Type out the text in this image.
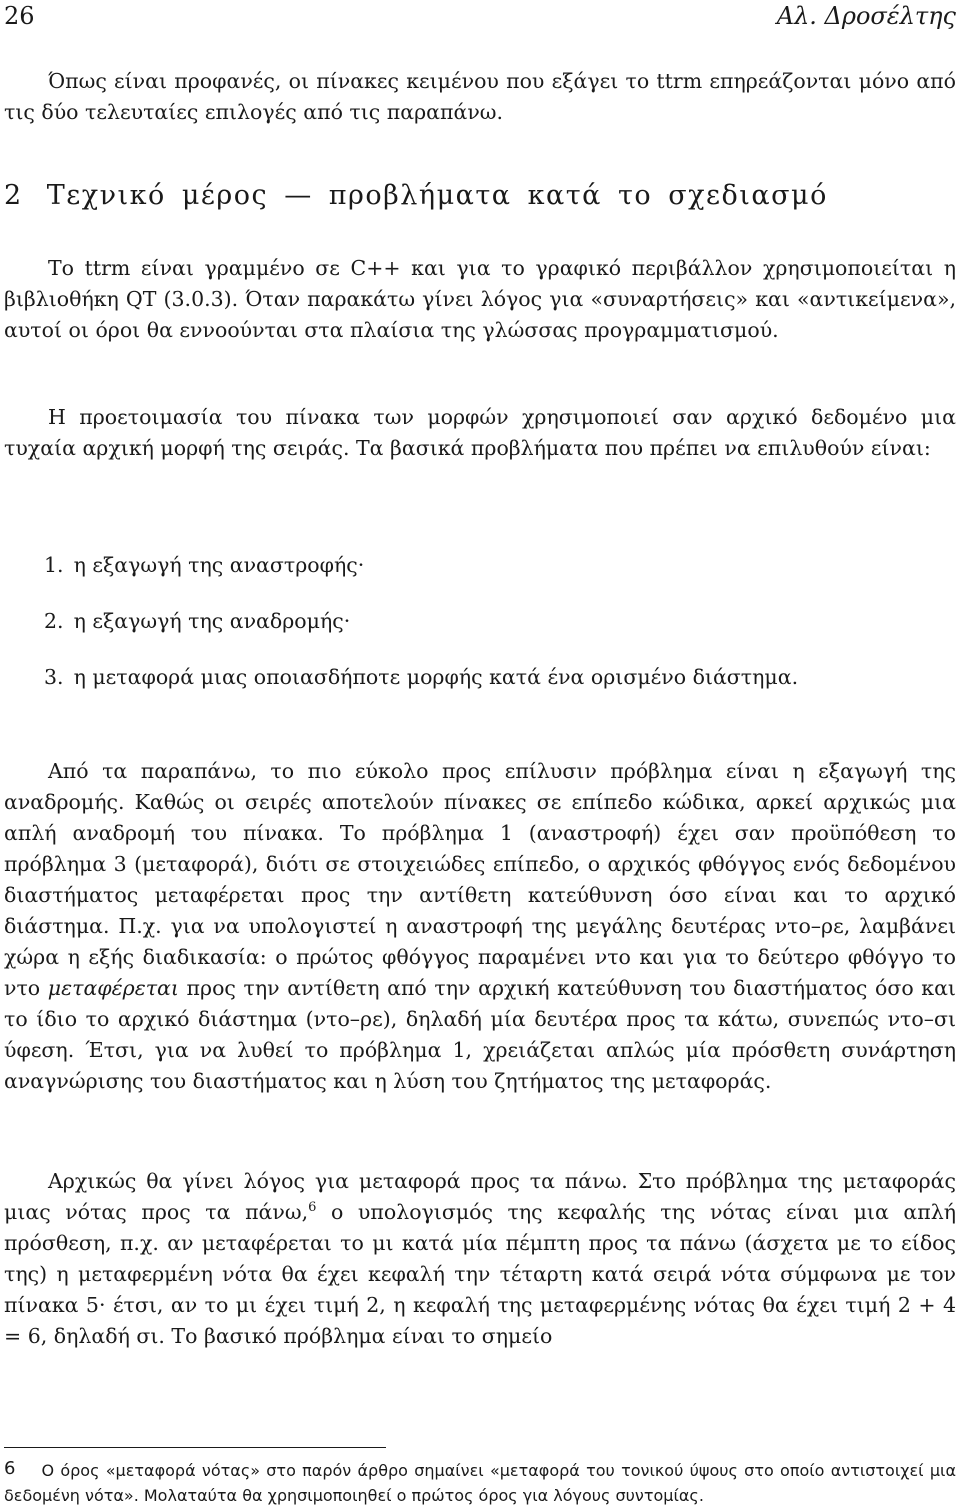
26	Αλ. Δροσέλτης

Όπως είναι προφανές, οι πίνακες κειμένου που εξάγει το ttrm επηρεάζονται μόνο από τις δύο τελευταίες επιλογές από τις παραπάνω.

2 Τεχνικό μέρος — προβλήματα κατά το σχεδιασμό

Το ttrm είναι γραμμένο σε C++ και για το γραφικό περιβάλλον χρησιμοποιείται η βιβλιοθήκη QT (3.0.3). Όταν παρακάτω γίνει λόγος για «συναρτήσεις» και «αντικείμενα», αυτοί οι όροι θα εννοούνται στα πλαίσια της γλώσσας προγραμματισμού.

Η προετοιμασία του πίνακα των μορφών χρησιμοποιεί σαν αρχικό δεδομένο μια τυχαία αρχική μορφή της σειράς. Τα βασικά προβλήματα που πρέπει να επιλυθούν είναι:

1. η εξαγωγή της αναστροφής·
2. η εξαγωγή της αναδρομής·
3. η μεταφορά μιας οποιασδήποτε μορφής κατά ένα ορισμένο διάστημα.

Από τα παραπάνω, το πιο εύκολο προς επίλυσιν πρόβλημα είναι η εξαγωγή της αναδρομής. Καθώς οι σειρές αποτελούν πίνακες σε επίπεδο κώδικα, αρκεί αρχικώς μια απλή αναδρομή του πίνακα. Το πρόβλημα 1 (αναστροφή) έχει σαν προϋπόθεση το πρόβλημα 3 (μεταφορά), διότι σε στοιχειώδες επίπεδο, ο αρχικός φθόγγος ενός δεδομένου διαστήματος μεταφέρεται προς την αντίθετη κατεύθυνση όσο είναι και το αρχικό διάστημα. Π.χ. για να υπολογιστεί η αναστροφή της μεγάλης δευτέρας ντο–ρε, λαμβάνει χώρα η εξής διαδικασία: ο πρώτος φθόγγος παραμένει ντο και για το δεύτερο φθόγγο το ντο μεταφέρεται προς την αντίθετη από την αρχική κατεύθυνση του διαστήματος όσο και το ίδιο το αρχικό διάστημα (ντο–ρε), δηλαδή μία δευτέρα προς τα κάτω, συνεπώς ντο–σι ύφεση. Έτσι, για να λυθεί το πρόβλημα 1, χρειάζεται απλώς μία πρόσθετη συνάρτηση αναγνώρισης του διαστήματος και η λύση του ζητήματος της μεταφοράς.

Αρχικώς θα γίνει λόγος για μεταφορά προς τα πάνω. Στο πρόβλημα της μεταφοράς μιας νότας προς τα πάνω,$^6$ ο υπολογισμός της κεφαλής της νότας είναι μια απλή πρόσθεση, π.χ. αν μεταφέρεται το μι κατά μία πέμπτη προς τα πάνω (άσχετα με το είδος της) η μεταφερμένη νότα θα έχει κεφαλή την τέταρτη κατά σειρά νότα σύμφωνα με τον πίνακα 5· έτσι, αν το μι έχει τιμή 2, η κεφαλή της μεταφερμένης νότας θα έχει τιμή 2 + 4 = 6, δηλαδή σι. Το βασικό πρόβλημα είναι το σημείο

6 Ο όρος «μεταφορά νότας» στο παρόν άρθρο σημαίνει «μεταφορά του τονικού ύψους στο οποίο αντιστοιχεί μια δεδομένη νότα». Μολαταύτα θα χρησιμοποιηθεί ο πρώτος όρος για λόγους συντομίας.
